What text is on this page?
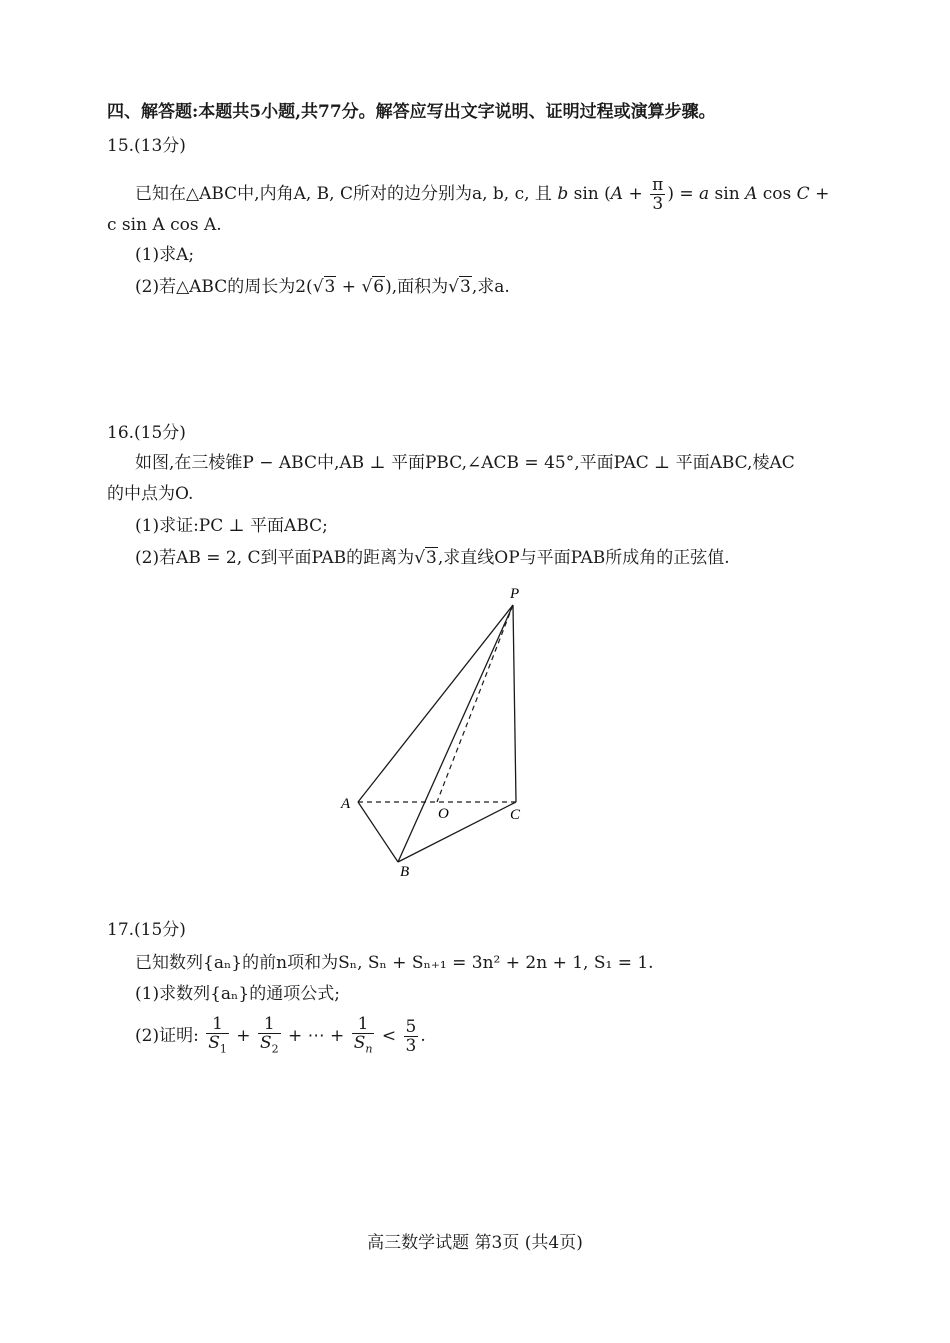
四、解答题:本题共5小题,共77分。解答应写出文字说明、证明过程或演算步骤。
15.(13分)
已知在△ABC中,内角A, B, C所对的边分别为a, b, c, 且 b $\sin (A + \frac{\pi}{3}$ ) = a sin A cos C +
c sin A cos A.
(1)求A;
(2)若△ABC的周长为2(√3 + √6),面积为√3,求a.
16.(15分)
如图,在三棱锥P − ABC中,AB ⊥ 平面PBC,∠ACB = 45°,平面PAC ⊥ 平面ABC,棱AC
的中点为O.
(1)求证:PC ⊥ 平面ABC;
(2)若AB = 2, C到平面PAB的距离为√3,求直线OP与平面PAB所成角的正弦值.
P
A
B
C
O
17.(15分)
已知数列{aₙ}的前n项和为Sₙ, Sₙ + Sₙ₊₁ = 3n² + 2n + 1, S₁ = 1.
(1)求数列{aₙ}的通项公式;
(2)证明: $\frac{1}{S_1} + \frac{1}{S_2}$ + ⋯ + $\frac{1}{S_n} < \frac{5}{3}$ .
高三数学试题 第3页 (共4页)
